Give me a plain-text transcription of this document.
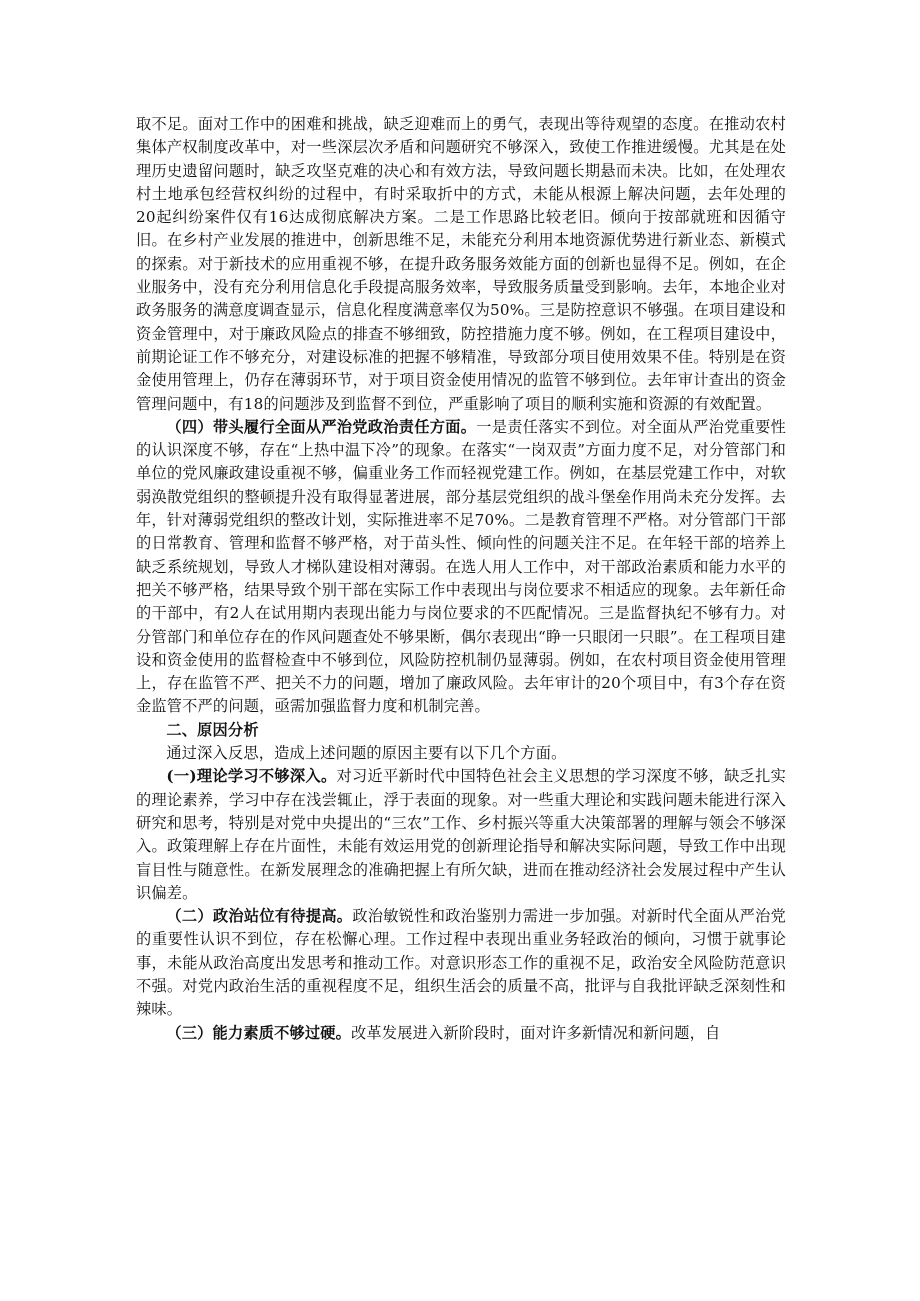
取不足。面对工作中的困难和挑战，缺乏迎难而上的勇气，表现出等待观望的态度。在推动农村集体产权制度改革中，对一些深层次矛盾和问题研究不够深入，致使工作推进缓慢。尤其是在处理历史遗留问题时，缺乏攻坚克难的决心和有效方法，导致问题长期悬而未决。比如，在处理农村土地承包经营权纠纷的过程中，有时采取折中的方式，未能从根源上解决问题，去年处理的20起纠纷案件仅有16达成彻底解决方案。二是工作思路比较老旧。倾向于按部就班和因循守旧。在乡村产业发展的推进中，创新思维不足，未能充分利用本地资源优势进行新业态、新模式的探索。对于新技术的应用重视不够，在提升政务服务效能方面的创新也显得不足。例如，在企业服务中，没有充分利用信息化手段提高服务效率，导致服务质量受到影响。去年，本地企业对政务服务的满意度调查显示，信息化程度满意率仅为50%。三是防控意识不够强。在项目建设和资金管理中，对于廉政风险点的排查不够细致，防控措施力度不够。例如，在工程项目建设中，前期论证工作不够充分，对建设标准的把握不够精准，导致部分项目使用效果不佳。特别是在资金使用管理上，仍存在薄弱环节，对于项目资金使用情况的监管不够到位。去年审计查出的资金管理问题中，有18的问题涉及到监督不到位，严重影响了项目的顺利实施和资源的有效配置。

（四）带头履行全面从严治党政治责任方面。一是责任落实不到位。对全面从严治党重要性的认识深度不够，存在“上热中温下冷”的现象。在落实“一岗双责”方面力度不足，对分管部门和单位的党风廉政建设重视不够，偏重业务工作而轻视党建工作。例如，在基层党建工作中，对软弱涣散党组织的整顿提升没有取得显著进展，部分基层党组织的战斗堡垒作用尚未充分发挥。去年，针对薄弱党组织的整改计划，实际推进率不足70%。二是教育管理不严格。对分管部门干部的日常教育、管理和监督不够严格，对于苗头性、倾向性的问题关注不足。在年轻干部的培养上缺乏系统规划，导致人才梯队建设相对薄弱。在选人用人工作中，对干部政治素质和能力水平的把关不够严格，结果导致个别干部在实际工作中表现出与岗位要求不相适应的现象。去年新任命的干部中，有2人在试用期内表现出能力与岗位要求的不匹配情况。三是监督执纪不够有力。对分管部门和单位存在的作风问题查处不够果断，偶尔表现出“睁一只眼闭一只眼”。在工程项目建设和资金使用的监督检查中不够到位，风险防控机制仍显薄弱。例如，在农村项目资金使用管理上，存在监管不严、把关不力的问题，增加了廉政风险。去年审计的20个项目中，有3个存在资金监管不严的问题，亟需加强监督力度和机制完善。

二、原因分析

通过深入反思，造成上述问题的原因主要有以下几个方面。

(一)理论学习不够深入。对习近平新时代中国特色社会主义思想的学习深度不够，缺乏扎实的理论素养，学习中存在浅尝辄止，浮于表面的现象。对一些重大理论和实践问题未能进行深入研究和思考，特别是对党中央提出的“三农”工作、乡村振兴等重大决策部署的理解与领会不够深入。政策理解上存在片面性，未能有效运用党的创新理论指导和解决实际问题，导致工作中出现盲目性与随意性。在新发展理念的准确把握上有所欠缺，进而在推动经济社会发展过程中产生认识偏差。

（二）政治站位有待提高。政治敏锐性和政治鉴别力需进一步加强。对新时代全面从严治党的重要性认识不到位，存在松懈心理。工作过程中表现出重业务轻政治的倾向，习惯于就事论事，未能从政治高度出发思考和推动工作。对意识形态工作的重视不足，政治安全风险防范意识不强。对党内政治生活的重视程度不足，组织生活会的质量不高，批评与自我批评缺乏深刻性和辣味。

（三）能力素质不够过硬。改革发展进入新阶段时，面对许多新情况和新问题，自
